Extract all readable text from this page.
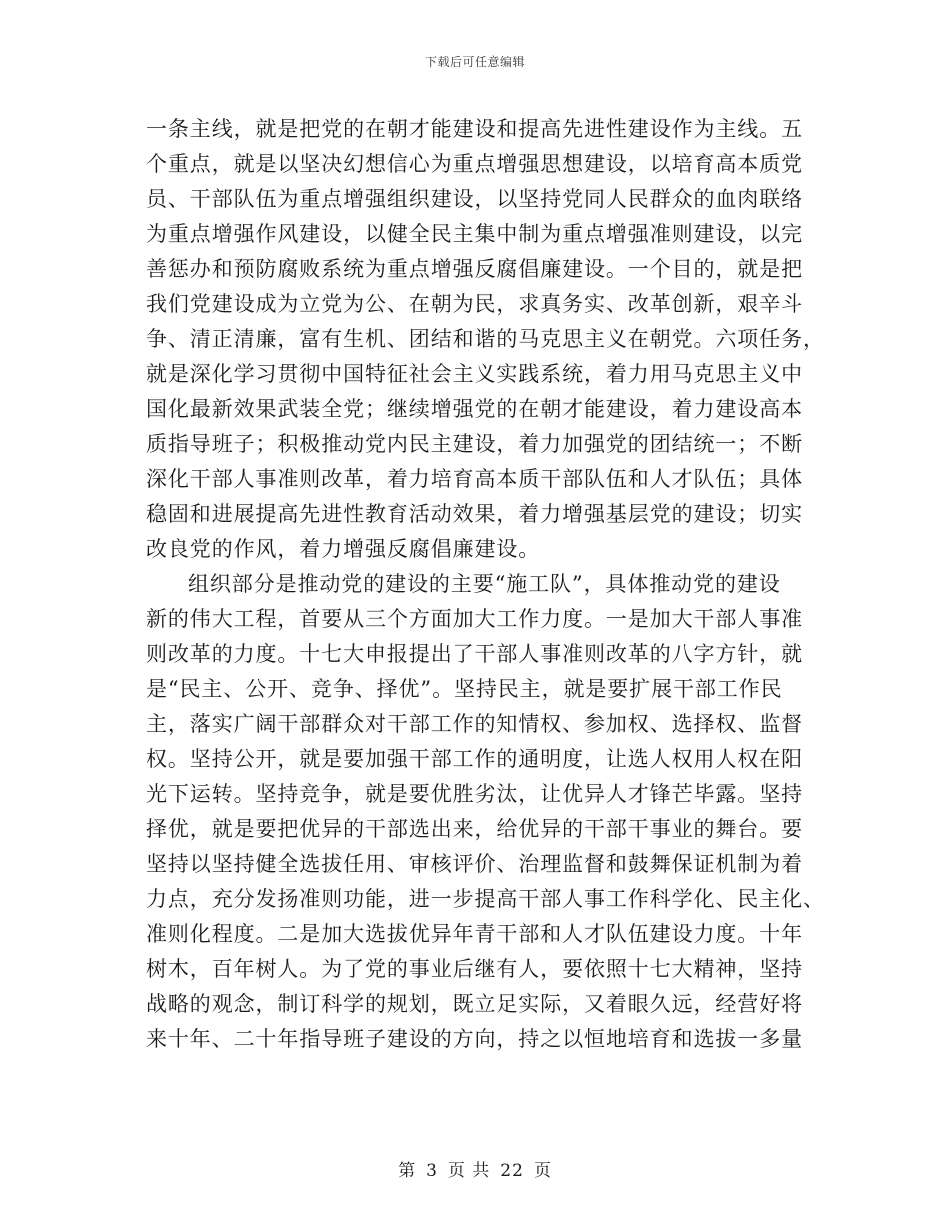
下载后可任意编辑
一条主线，就是把党的在朝才能建设和提高先进性建设作为主线。五
个重点，就是以坚决幻想信心为重点增强思想建设，以培育高本质党
员、干部队伍为重点增强组织建设，以坚持党同人民群众的血肉联络
为重点增强作风建设，以健全民主集中制为重点增强准则建设，以完
善惩办和预防腐败系统为重点增强反腐倡廉建设。一个目的，就是把
我们党建设成为立党为公、在朝为民，求真务实、改革创新，艰辛斗
争、清正清廉，富有生机、团结和谐的马克思主义在朝党。六项任务，
就是深化学习贯彻中国特征社会主义实践系统，着力用马克思主义中
国化最新效果武装全党；继续增强党的在朝才能建设，着力建设高本
质指导班子；积极推动党内民主建设，着力加强党的团结统一；不断
深化干部人事准则改革，着力培育高本质干部队伍和人才队伍；具体
稳固和进展提高先进性教育活动效果，着力增强基层党的建设；切实
改良党的作风，着力增强反腐倡廉建设。
组织部分是推动党的建设的主要“施工队”，具体推动党的建设
新的伟大工程，首要从三个方面加大工作力度。一是加大干部人事准
则改革的力度。十七大申报提出了干部人事准则改革的八字方针，就
是“民主、公开、竞争、择优”。坚持民主，就是要扩展干部工作民
主，落实广阔干部群众对干部工作的知情权、参加权、选择权、监督
权。坚持公开，就是要加强干部工作的通明度，让选人权用人权在阳
光下运转。坚持竞争，就是要优胜劣汰，让优异人才锋芒毕露。坚持
择优，就是要把优异的干部选出来，给优异的干部干事业的舞台。要
坚持以坚持健全选拔任用、审核评价、治理监督和鼓舞保证机制为着
力点，充分发扬准则功能，进一步提高干部人事工作科学化、民主化、
准则化程度。二是加大选拔优异年青干部和人才队伍建设力度。十年
树木，百年树人。为了党的事业后继有人，要依照十七大精神，坚持
战略的观念，制订科学的规划，既立足实际，又着眼久远，经营好将
来十年、二十年指导班子建设的方向，持之以恒地培育和选拔一多量
第 3 页 共 22 页
